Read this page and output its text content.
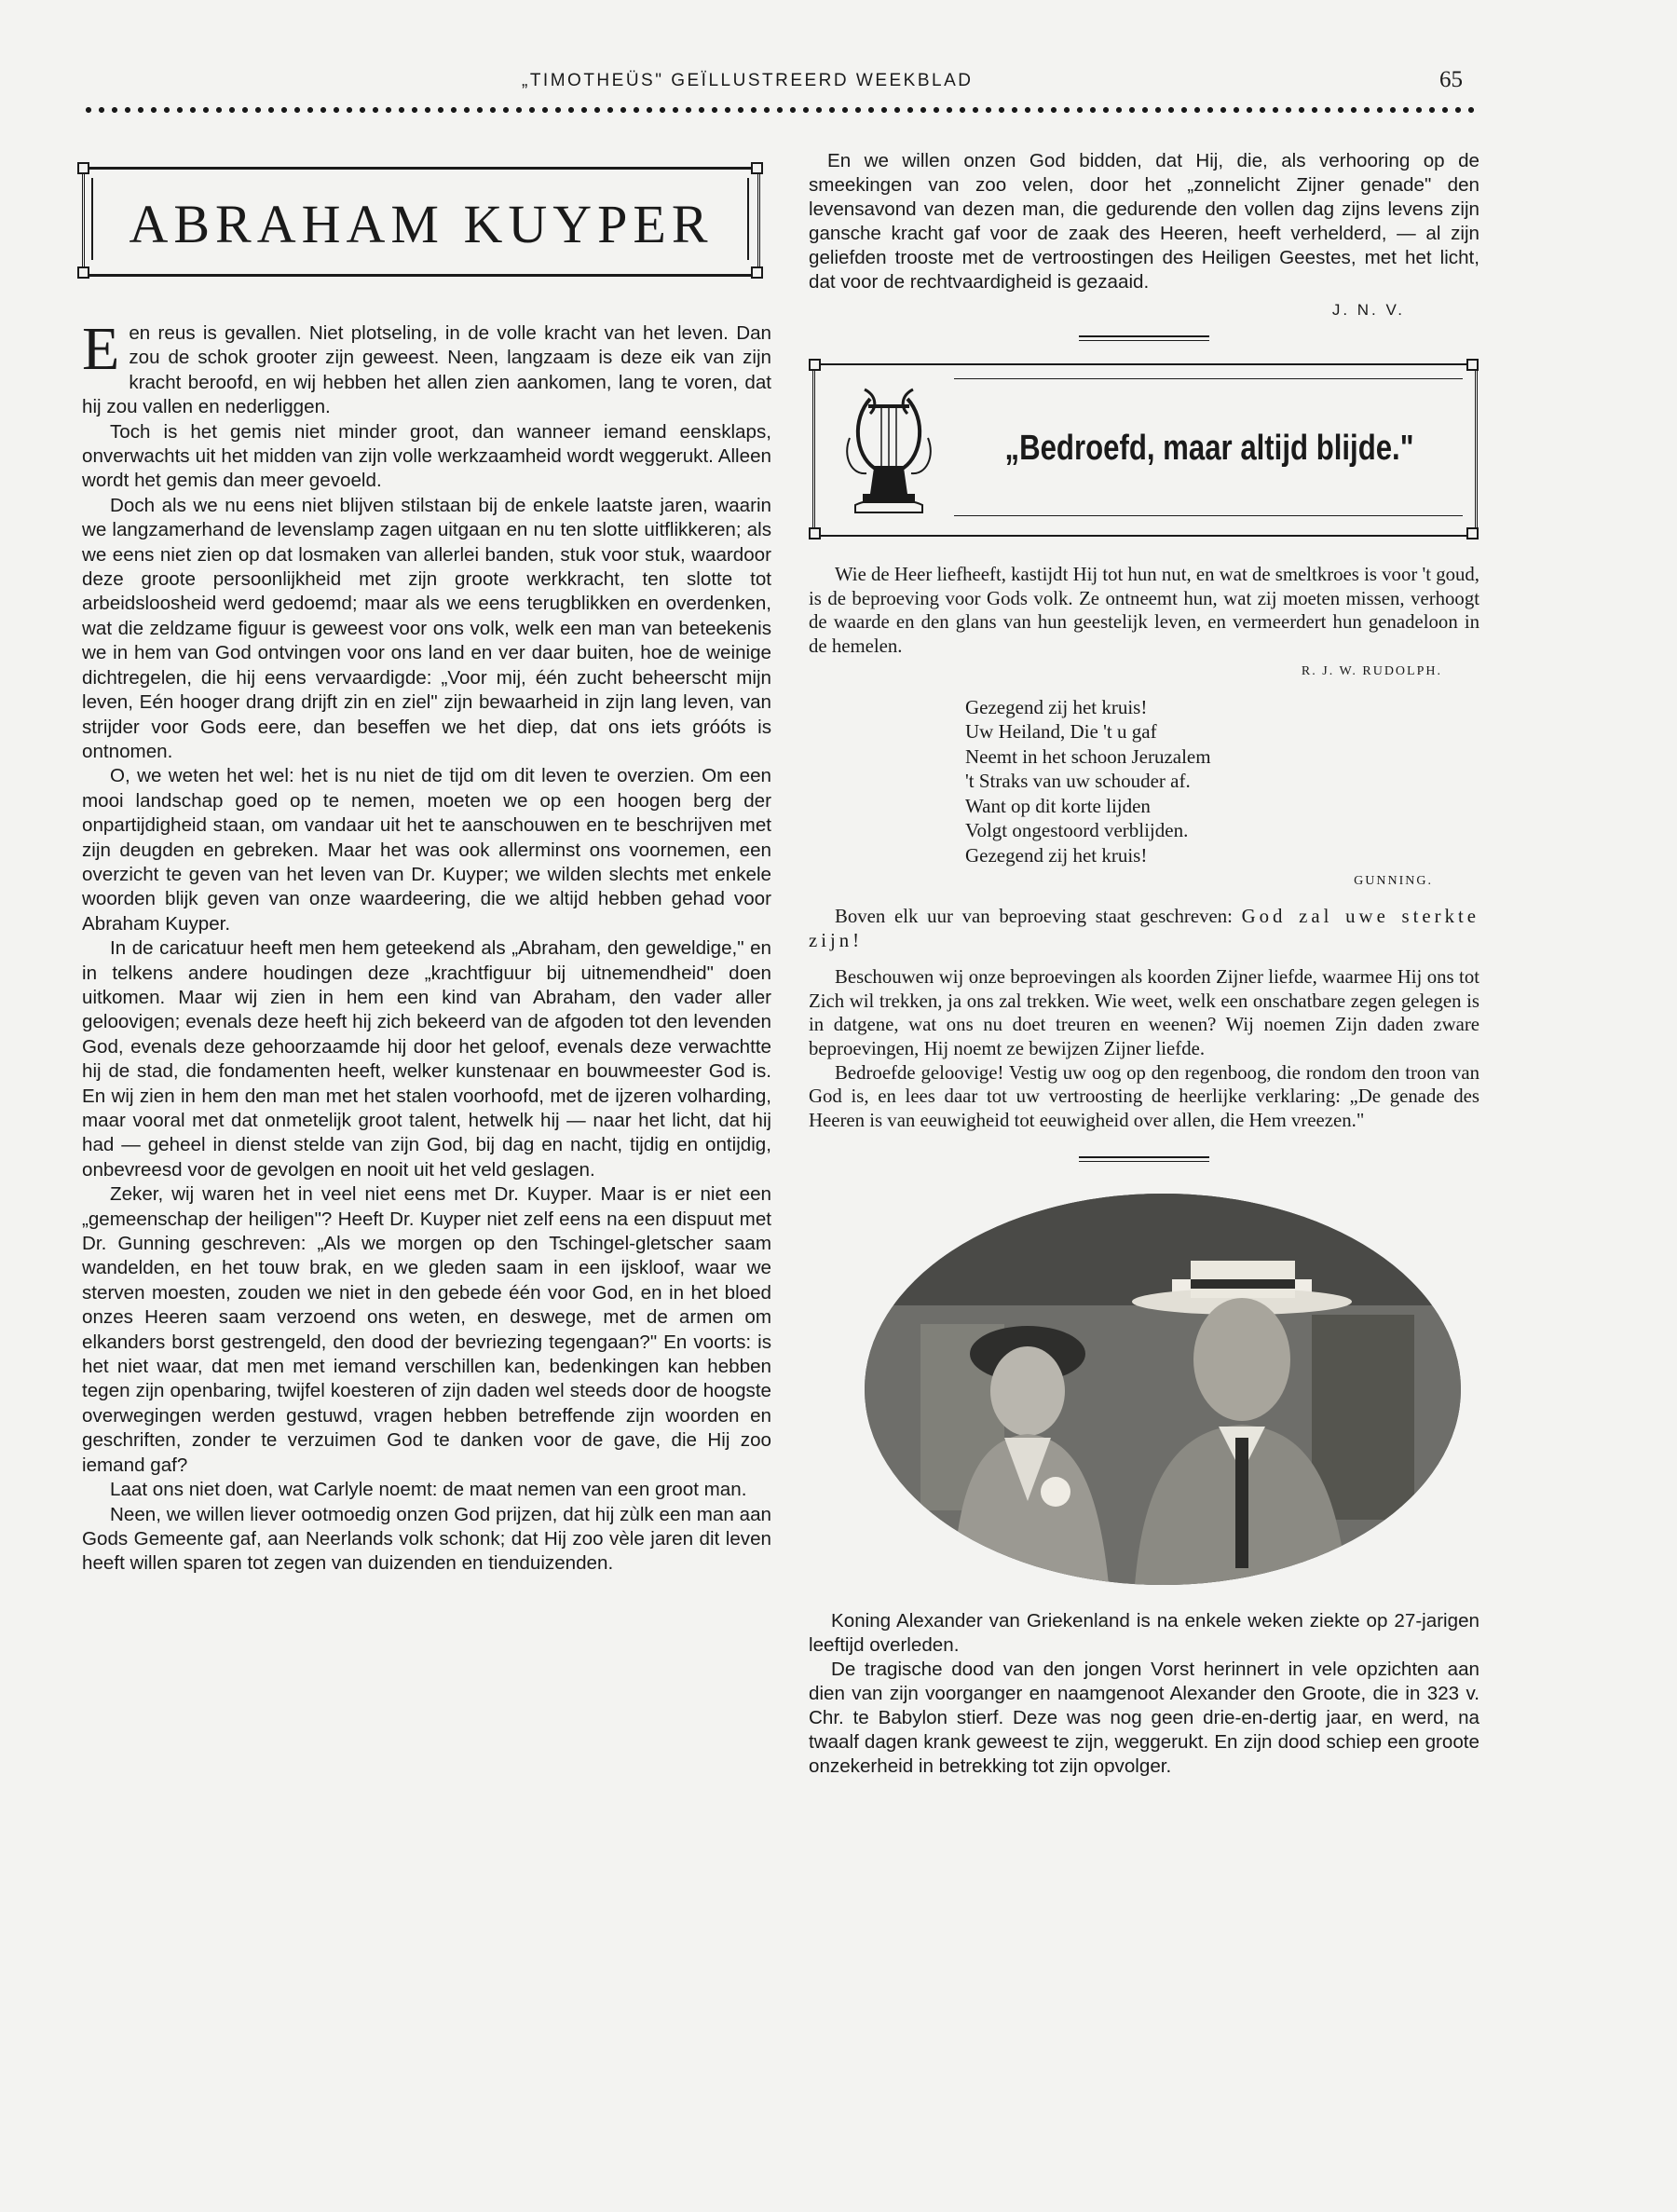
„TIMOTHEÜS" GEÏLLUSTREERD WEEKBLAD	65
ABRAHAM KUYPER

Een reus is gevallen. Niet plotseling, in de volle kracht van het leven. Dan zou de schok grooter zijn geweest. Neen, langzaam is deze eik van zijn kracht beroofd, en wij hebben het allen zien aankomen, lang te voren, dat hij zou vallen en nederliggen.

Toch is het gemis niet minder groot, dan wanneer iemand eensklaps, onverwachts uit het midden van zijn volle werkzaamheid wordt weggerukt. Alleen wordt het gemis dan meer gevoeld.

Doch als we nu eens niet blijven stilstaan bij de enkele laatste jaren, waarin we langzamerhand de levenslamp zagen uitgaan en nu ten slotte uitflikkeren; als we eens niet zien op dat losmaken van allerlei banden, stuk voor stuk, waardoor deze groote persoonlijkheid met zijn groote werkkracht, ten slotte tot arbeidsloosheid werd gedoemd; maar als we eens terugblikken en overdenken, wat die zeldzame figuur is geweest voor ons volk, welk een man van beteekenis we in hem van God ontvingen voor ons land en ver daar buiten, hoe de weinige dichtregelen, die hij eens vervaardigde: „Voor mij, één zucht beheerscht mijn leven, Eén hooger drang drijft zin en ziel" zijn bewaarheid in zijn lang leven, van strijder voor Gods eere, dan beseffen we het diep, dat ons iets gróóts is ontnomen.

O, we weten het wel: het is nu niet de tijd om dit leven te overzien. Om een mooi landschap goed op te nemen, moeten we op een hoogen berg der onpartijdigheid staan, om vandaar uit het te aanschouwen en te beschrijven met zijn deugden en gebreken. Maar het was ook allerminst ons voornemen, een overzicht te geven van het leven van Dr. Kuyper; we wilden slechts met enkele woorden blijk geven van onze waardeering, die we altijd hebben gehad voor Abraham Kuyper.

In de caricatuur heeft men hem geteekend als „Abraham, den geweldige," en in telkens andere houdingen deze „krachtfiguur bij uitnemendheid" doen uitkomen. Maar wij zien in hem een kind van Abraham, den vader aller geloovigen; evenals deze heeft hij zich bekeerd van de afgoden tot den levenden God, evenals deze gehoorzaamde hij door het geloof, evenals deze verwachtte hij de stad, die fondamenten heeft, welker kunstenaar en bouwmeester God is. En wij zien in hem den man met het stalen voorhoofd, met de ijzeren volharding, maar vooral met dat onmetelijk groot talent, hetwelk hij — naar het licht, dat hij had — geheel in dienst stelde van zijn God, bij dag en nacht, tijdig en ontijdig, onbevreesd voor de gevolgen en nooit uit het veld geslagen.

Zeker, wij waren het in veel niet eens met Dr. Kuyper. Maar is er niet een „gemeenschap der heiligen"? Heeft Dr. Kuyper niet zelf eens na een dispuut met Dr. Gunning geschreven: „Als we morgen op den Tschingel-gletscher saam wandelden, en het touw brak, en we gleden saam in een ijskloof, waar we sterven moesten, zouden we niet in den gebede één voor God, en in het bloed onzes Heeren saam verzoend ons weten, en deswege, met de armen om elkanders borst gestrengeld, den dood der bevriezing tegengaan?" En voorts: is het niet waar, dat men met iemand verschillen kan, bedenkingen kan hebben tegen zijn openbaring, twijfel koesteren of zijn daden wel steeds door de hoogste overwegingen werden gestuwd, vragen hebben betreffende zijn woorden en geschriften, zonder te verzuimen God te danken voor de gave, die Hij zoo iemand gaf?

Laat ons niet doen, wat Carlyle noemt: de maat nemen van een groot man.

Neen, we willen liever ootmoedig onzen God prijzen, dat hij zùlk een man aan Gods Gemeente gaf, aan Neerlands volk schonk; dat Hij zoo vèle jaren dit leven heeft willen sparen tot zegen van duizenden en tienduizenden.

En we willen onzen God bidden, dat Hij, die, als verhooring op de smeekingen van zoo velen, door het „zonnelicht Zijner genade" den levensavond van dezen man, die gedurende den vollen dag zijns levens zijn gansche kracht gaf voor de zaak des Heeren, heeft verhelderd, — al zijn geliefden trooste met de vertroostingen des Heiligen Geestes, met het licht, dat voor de rechtvaardigheid is gezaaid.

J. N. V.
„Bedroefd, maar altijd blijde."

Wie de Heer liefheeft, kastijdt Hij tot hun nut, en wat de smeltkroes is voor 't goud, is de beproeving voor Gods volk. Ze ontneemt hun, wat zij moeten missen, verhoogt de waarde en den glans van hun geestelijk leven, en vermeerdert hun genadeloon in de hemelen.

R. J. W. RUDOLPH.
Gezegend zij het kruis!
Uw Heiland, Die 't u gaf
Neemt in het schoon Jeruzalem
't Straks van uw schouder af.
Want op dit korte lijden
Volgt ongestoord verblijden.
Gezegend zij het kruis!
GUNNING.

Boven elk uur van beproeving staat geschreven: God zal uwe sterkte zijn!

Beschouwen wij onze beproevingen als koorden Zijner liefde, waarmee Hij ons tot Zich wil trekken, ja ons zal trekken. Wie weet, welk een onschatbare zegen gelegen is in datgene, wat ons nu doet treuren en weenen? Wij noemen Zijn daden zware beproevingen, Hij noemt ze bewijzen Zijner liefde.

Bedroefde geloovige! Vestig uw oog op den regenboog, die rondom den troon van God is, en lees daar tot uw vertroosting de heerlijke verklaring: „De genade des Heeren is van eeuwigheid tot eeuwigheid over allen, die Hem vreezen."

Koning Alexander van Griekenland is na enkele weken ziekte op 27-jarigen leeftijd overleden.

De tragische dood van den jongen Vorst herinnert in vele opzichten aan dien van zijn voorganger en naamgenoot Alexander den Groote, die in 323 v. Chr. te Babylon stierf. Deze was nog geen drie-en-dertig jaar, en werd, na twaalf dagen krank geweest te zijn, weggerukt. En zijn dood schiep een groote onzekerheid in betrekking tot zijn opvolger.
